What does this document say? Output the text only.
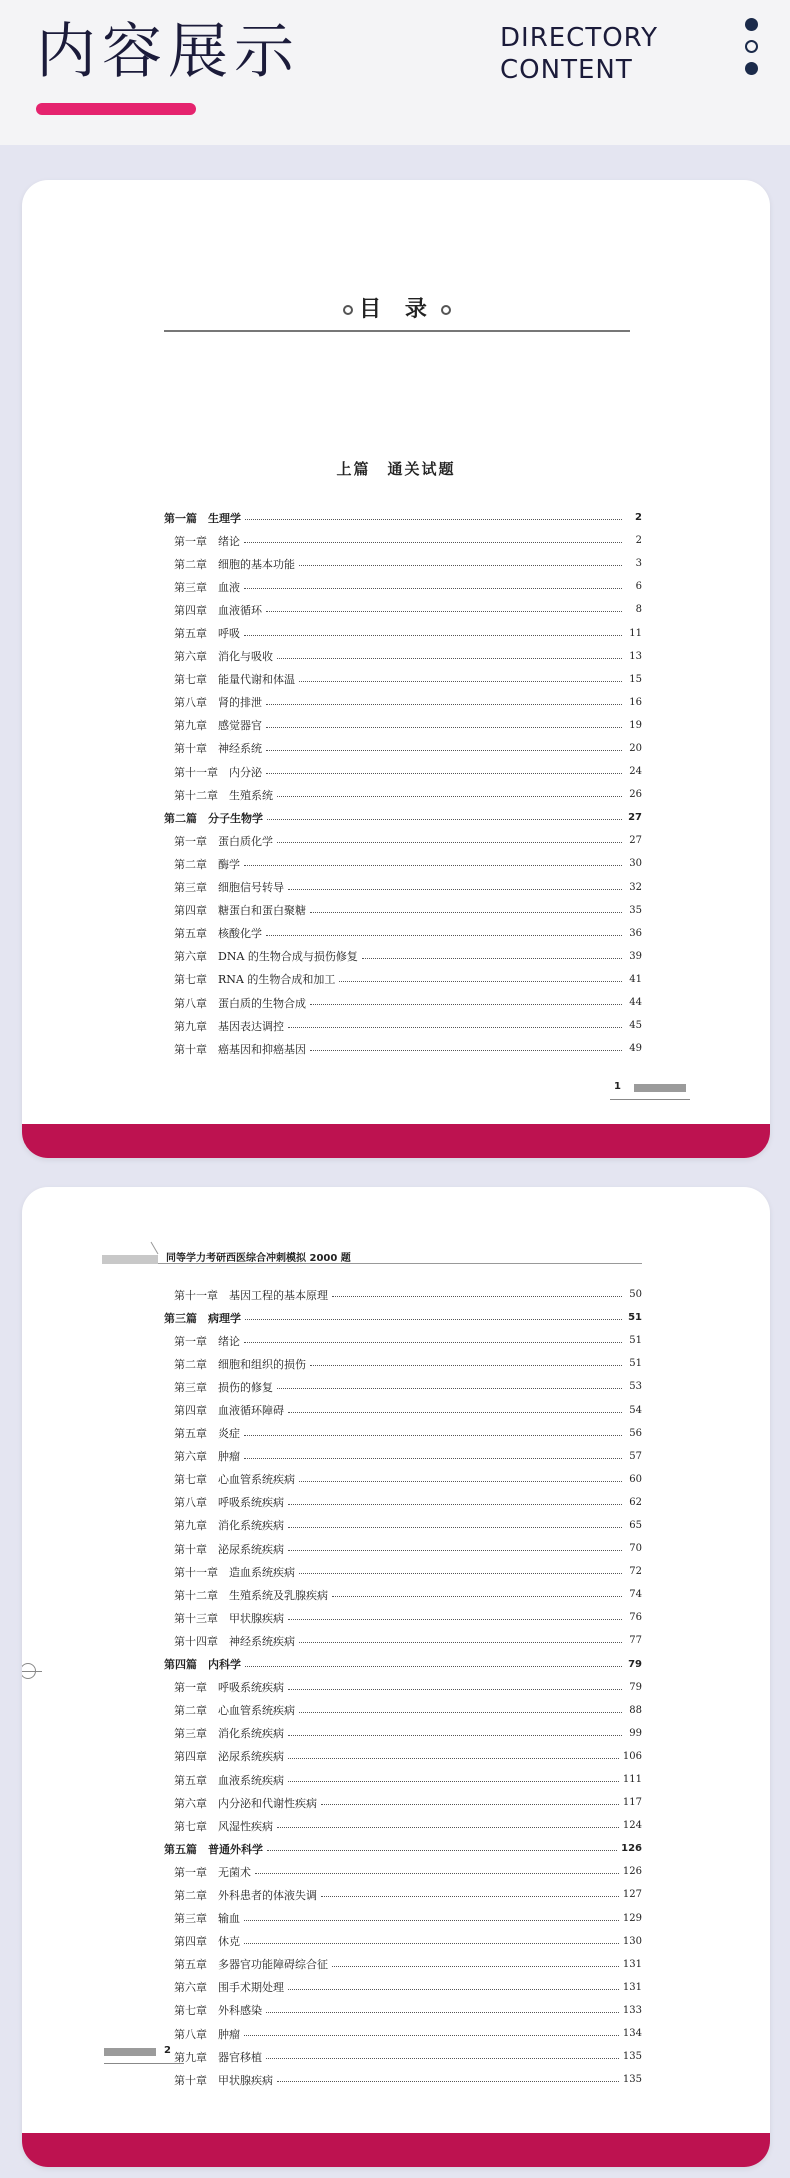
内容展示	DIRECTORY
CONTENT
目 录
上篇　通关试题
第一篇　生理学	2
第一章　绪论	2
第二章　细胞的基本功能	3
第三章　血液	6
第四章　血液循环	8
第五章　呼吸	11
第六章　消化与吸收	13
第七章　能量代谢和体温	15
第八章　肾的排泄	16
第九章　感觉器官	19
第十章　神经系统	20
第十一章　内分泌	24
第十二章　生殖系统	26
第二篇　分子生物学	27
第一章　蛋白质化学	27
第二章　酶学	30
第三章　细胞信号转导	32
第四章　糖蛋白和蛋白聚糖	35
第五章　核酸化学	36
第六章　DNA 的生物合成与损伤修复	39
第七章　RNA 的生物合成和加工	41
第八章　蛋白质的生物合成	44
第九章　基因表达调控	45
第十章　癌基因和抑癌基因	49
1
同等学力考研西医综合冲刺模拟 2000 题
第十一章　基因工程的基本原理	50
第三篇　病理学	51
第一章　绪论	51
第二章　细胞和组织的损伤	51
第三章　损伤的修复	53
第四章　血液循环障碍	54
第五章　炎症	56
第六章　肿瘤	57
第七章　心血管系统疾病	60
第八章　呼吸系统疾病	62
第九章　消化系统疾病	65
第十章　泌尿系统疾病	70
第十一章　造血系统疾病	72
第十二章　生殖系统及乳腺疾病	74
第十三章　甲状腺疾病	76
第十四章　神经系统疾病	77
第四篇　内科学	79
第一章　呼吸系统疾病	79
第二章　心血管系统疾病	88
第三章　消化系统疾病	99
第四章　泌尿系统疾病	106
第五章　血液系统疾病	111
第六章　内分泌和代谢性疾病	117
第七章　风湿性疾病	124
第五篇　普通外科学	126
第一章　无菌术	126
第二章　外科患者的体液失调	127
第三章　输血	129
第四章　休克	130
第五章　多器官功能障碍综合征	131
第六章　围手术期处理	131
第七章　外科感染	133
第八章　肿瘤	134
第九章　器官移植	135
第十章　甲状腺疾病	135
2
